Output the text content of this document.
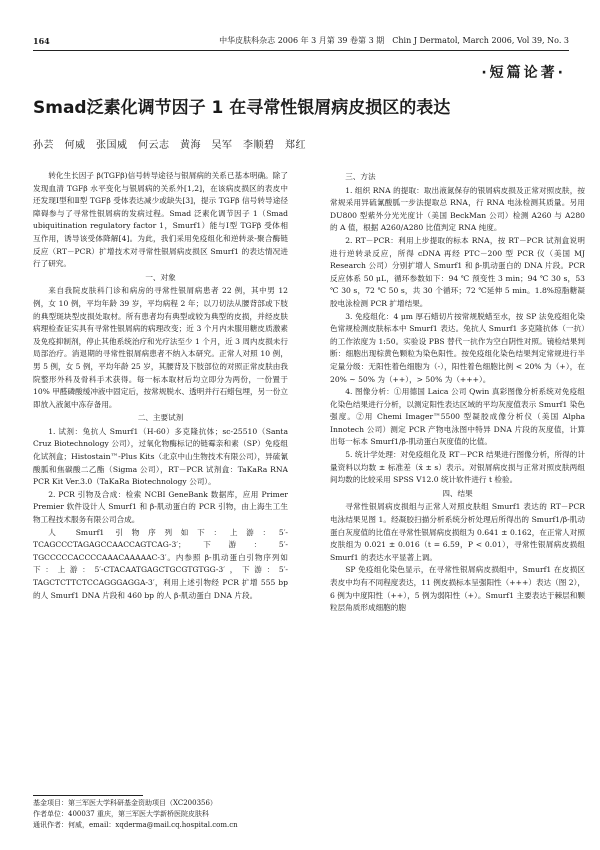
164	中华皮肤科杂志 2006 年 3 月第 39 卷第 3 期　Chin J Dermatol, March 2006, Vol 39, No. 3
·短篇论著·
Smad泛素化调节因子 1 在寻常性银屑病皮损区的表达
孙芸　何威　张国威　何云志　黄海　吴军　李顺碧　郑红

转化生长因子 β(TGFβ)信号转导途径与银屑病的关系已基本明确。除了发现血清 TGFβ 水平变化与银屑病的关系外[1,2]，在该病皮损区的表皮中还发现Ⅰ型和Ⅱ型 TGFβ 受体表达减少或缺失[3]，提示 TGFβ 信号转导途径障碍参与了寻常性银屑病的发病过程。Smad 泛素化调节因子 1（Smad ubiquitination regulatory factor 1，Smurf1）能与Ⅰ型 TGFβ 受体相互作用，诱导该受体降解[4]。为此，我们采用免疫组化和逆转录-聚合酶链反应（RT－PCR）扩增技术对寻常性银屑病皮损区 Smurf1 的表达情况进行了研究。

一、对象

来自我院皮肤科门诊和病房的寻常性银屑病患者 22 例，其中男 12 例，女 10 例，平均年龄 39 岁，平均病程 2 年；以刀切法从腰背部或下肢的典型斑块型皮损处取材。所有患者均有典型或较为典型的皮损，并经皮肤病理检查证实具有寻常性银屑病的病理改变；近 3 个月内未服用糖皮质激素及免疫抑制剂，停止其他系统治疗和光疗法至少 1 个月，近 3 周内皮损未行局部治疗。消退期的寻常性银屑病患者不纳入本研究。正常人对照 10 例，男 5 例，女 5 例，平均年龄 25 岁，其腰背及下肢部位的对照正常皮肤由我院整形外科及骨科手术获得。每一标本取材后均立即分为两份，一份置于 10% 甲醛磷酸缓冲液中固定后，按常规脱水、透明并行石蜡包埋，另一份立即放入液氮中冻存备用。

二、主要试剂

1. 试剂：兔抗人 Smurf1（H-60）多克隆抗体；sc-25510（Santa Cruz Biotechnology 公司），过氧化物酶标记的链霉亲和素（SP）免疫组化试剂盒；Histostain™-Plus Kits（北京中山生物技术有限公司），异硫氰酸胍和焦碳酸二乙酯（Sigma 公司），RT－PCR 试剂盒：TaKaRa RNA PCR Kit Ver.3.0（TaKaRa Biotechnology 公司）。

2. PCR 引物及合成：检索 NCBI GeneBank 数据库，应用 Primer Premier 软件设计人 Smurf1 和 β-肌动蛋白的 PCR 引物，由上海生工生物工程技术服务有限公司合成。

人 Smurf1 引物序列如下：上游：5′-TCAGCCCTAGAGCCAACCAGTCAG-3′；下游：5′-TGCCCCCACCCCAAACAAAAAC-3′。内参照 β-肌动蛋白引物序列如下：上游：5′-CTACAATGAGCTGCGTGTGG-3′，下游：5′-TAGCTCTTCTCCAGGGAGGA-3′，利用上述引物经 PCR 扩增 555 bp 的人 Smurf1 DNA 片段和 460 bp 的人 β-肌动蛋白 DNA 片段。

三、方法

1. 组织 RNA 的提取：取出液氮保存的银屑病皮损及正常对照皮肤，按常规采用异硫氰酸胍一步法提取总 RNA，行 RNA 电泳检测其质量。另用 DU800 型紫外分光光度计（美国 BeckMan 公司）检测 A260 与 A280 的 A 值，根据 A260/A280 比值判定 RNA 纯度。

2. RT－PCR：利用上步提取的标本 RNA，按 RT－PCR 试剂盒说明进行逆转录反应，所得 cDNA 再经 PTC－200 型 PCR 仪（美国 MJ Research 公司）分别扩增人 Smurf1 和 β-肌动蛋白的 DNA 片段。PCR 反应体系 50 μL，循环参数如下：94 ℃ 预变性 3 min；94 ℃ 30 s，53 ℃ 30 s，72 ℃ 50 s，共 30 个循环；72 ℃延伸 5 min。1.8%琼脂糖凝胶电泳检测 PCR 扩增结果。

3. 免疫组化：4 μm 厚石蜡切片按常规脱蜡至水，按 SP 法免疫组化染色常规检测皮肤标本中 Smurf1 表达。兔抗人 Smurf1 多克隆抗体（一抗）的工作浓度为 1:50。实验设 PBS 替代一抗作为空白阴性对照。镜检结果判断：细胞出现棕黄色颗粒为染色阳性。按免疫组化染色结果判定常规进行半定量分级：无阳性着色细胞为（-），阳性着色细胞比例 < 20% 为（+），在 20% ~ 50% 为（++），> 50% 为（+++）。

4. 图像分析：①用德国 Laica 公司 Qwin 真彩图像分析系统对免疫组化染色结果进行分析，以测定阳性表达区域的平均灰度值表示 Smurf1 染色强度。②用 Chemi Imager™5500 型凝胶成像分析仪（美国 Alpha Innotech 公司）测定 PCR 产物电泳图中特异 DNA 片段的灰度值，计算出每一标本 Smurf1/β-肌动蛋白灰度值的比值。

5. 统计学处理：对免疫组化及 RT－PCR 结果进行图像分析，所得的计量资料以均数 ± 标准差（x̄ ± s）表示。对银屑病皮损与正常对照皮肤两组间均数的比较采用 SPSS V12.0 统计软件进行 t 检验。

四、结果

寻常性银屑病皮损组与正常人对照皮肤组 Smurf1 表达的 RT－PCR 电泳结果见图 1。经凝胶扫描分析系统分析处理后所得出的 Smurf1/β-肌动蛋白灰度值的比值在寻常性银屑病皮损组为 0.641 ± 0.162，在正常人对照皮肤组为 0.021 ± 0.016（t = 6.59，P < 0.01），寻常性银屑病皮损组 Smurf1 的表达水平显著上调。

SP 免疫组化染色显示，在寻常性银屑病皮损组中，Smurf1 在皮损区表皮中均有不同程度表达，11 例皮损标本呈强阳性（+++）表达（图 2），6 例为中度阳性（++），5 例为弱阳性（+）。Smurf1 主要表达于棘层和颗粒层角质形成细胞的胞

基金项目：第三军医大学科研基金资助项目（XC200356）
作者单位：400037 重庆，第三军医大学新桥医院皮肤科
通讯作者：何威，email：xqderma@mail.cq.hospital.com.cn
